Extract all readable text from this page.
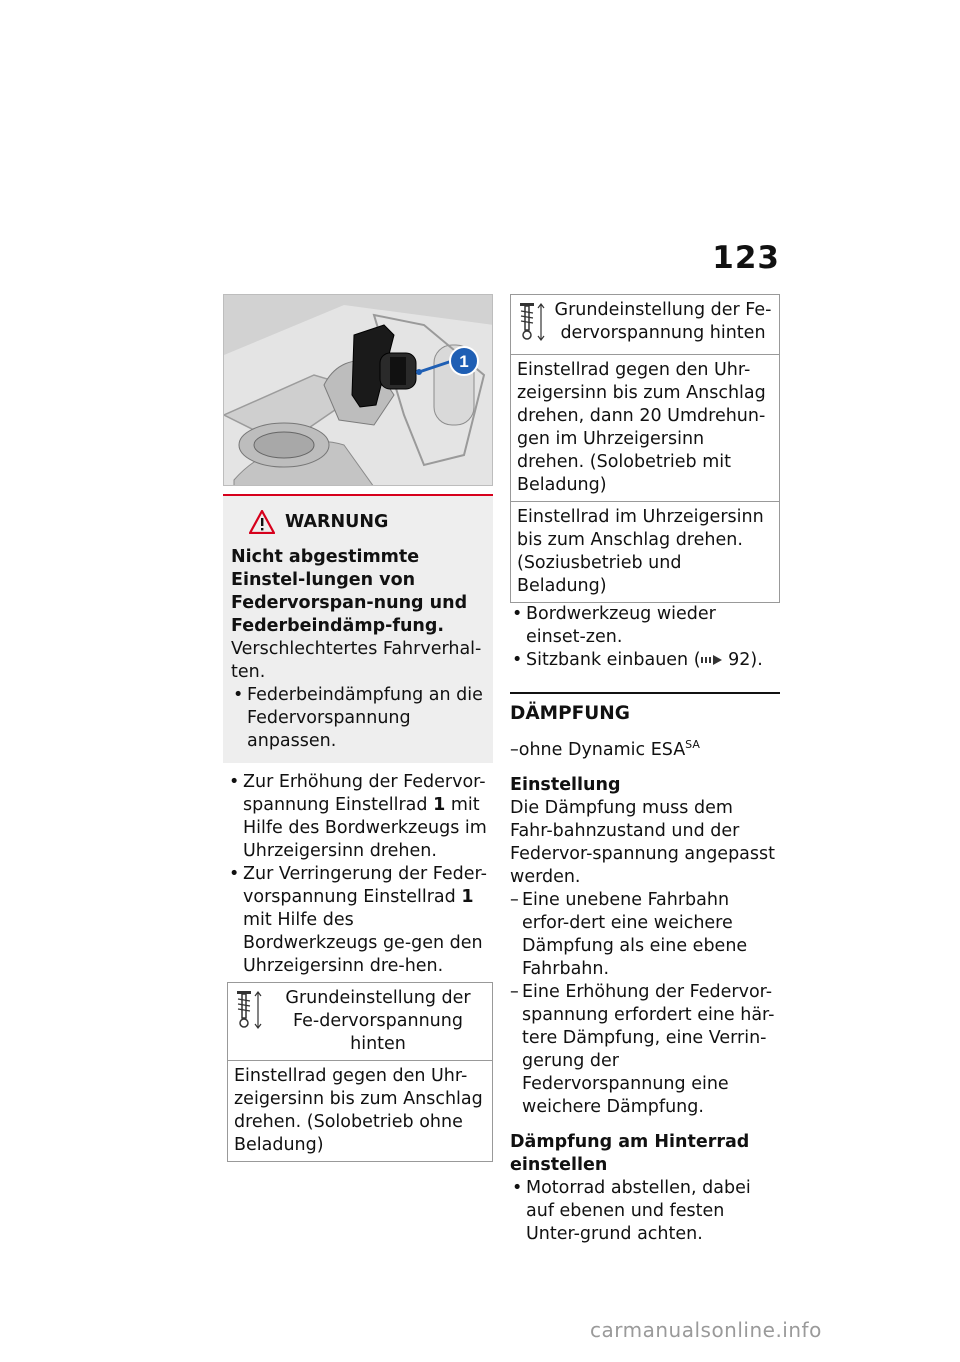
123
1
WARNUNG
Nicht abgestimmte Einstel-lungen von Federvorspan-nung und Federbeindämp-fung.
Verschlechtertes Fahrverhal-ten.
• Federbeindämpfung an die Federvorspannung anpassen.
• Zur Erhöhung der Federvor-spannung Einstellrad 1 mit Hilfe des Bordwerkzeugs im Uhrzeigersinn drehen.
• Zur Verringerung der Feder-vorspannung Einstellrad 1 mit Hilfe des Bordwerkzeugs ge-gen den Uhrzeigersinn dre-hen.
Grundeinstellung der Fe-dervorspannung hinten
Einstellrad gegen den Uhr-zeigersinn bis zum Anschlag drehen. (Solobetrieb ohne Beladung)
Grundeinstellung der Fe-dervorspannung hinten
Einstellrad gegen den Uhr-zeigersinn bis zum Anschlag drehen, dann 20 Umdrehun-gen im Uhrzeigersinn drehen. (Solobetrieb mit Beladung)
Einstellrad im Uhrzeigersinn bis zum Anschlag drehen. (Soziusbetrieb und Beladung)
• Bordwerkzeug wieder einset-zen.
• Sitzbank einbauen ( 92).
DÄMPFUNG
–ohne Dynamic $ESA^{SA}$
Einstellung
Die Dämpfung muss dem Fahr-bahnzustand und der Federvor-spannung angepasst werden.
– Eine unebene Fahrbahn erfor-dert eine weichere Dämpfung als eine ebene Fahrbahn.
– Eine Erhöhung der Federvor-spannung erfordert eine här-tere Dämpfung, eine Verrin-gerung der Federvorspannung eine weichere Dämpfung.
Dämpfung am Hinterrad einstellen
• Motorrad abstellen, dabei auf ebenen und festen Unter-grund achten.
carmanualsonline.info
